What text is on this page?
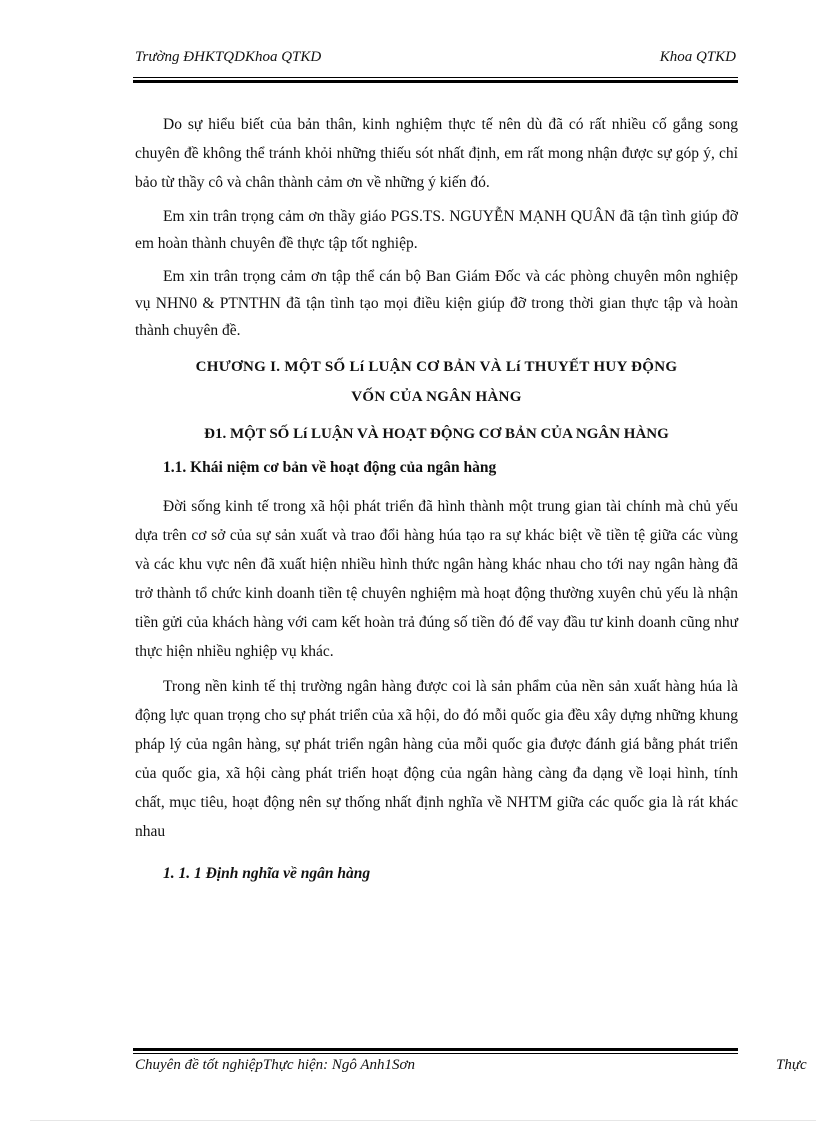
Trường ĐHKTQDKhoa QTKD	Khoa QTKD

Do sự hiểu biết của bản thân, kinh nghiệm thực tế nên dù đã có rất nhiều cố gắng song chuyên đề không thể tránh khỏi những thiếu sót nhất định, em rất mong nhận được sự góp ý, chỉ bảo từ thầy cô và chân thành cảm ơn về những ý kiến đó.

Em xin trân trọng cảm ơn thầy giáo PGS.TS. NGUYỄN MẠNH QUÂN đã tận tình giúp đỡ em hoàn thành chuyên đề thực tập tốt nghiệp.

Em xin trân trọng cảm ơn tập thể cán bộ Ban Giám Đốc và các phòng chuyên môn nghiệp vụ NHN0 & PTNTHN đã tận tình tạo mọi điều kiện giúp đỡ trong thời gian thực tập và hoàn thành chuyên đề.

CHƯƠNG I. MỘT SỐ Lí LUẬN CƠ BẢN VÀ Lí THUYẾT HUY ĐỘNG
VỐN CỦA NGÂN HÀNG
Đ1. MỘT SỐ Lí LUẬN VÀ HOẠT ĐỘNG CƠ BẢN CỦA NGÂN HÀNG
1.1. Khái niệm cơ bản về hoạt động của ngân hàng

Đời sống kinh tế trong xã hội phát triển đã hình thành một trung gian tài chính mà chủ yếu dựa trên cơ sở của sự sản xuất và trao đổi hàng húa tạo ra sự khác biệt về tiền tệ giữa các vùng và các khu vực nên đã xuất hiện nhiều hình thức ngân hàng khác nhau cho tới nay ngân hàng đã trở thành tổ chức kinh doanh tiền tệ chuyên nghiệm mà hoạt động thường xuyên chủ yếu là nhận tiền gửi của khách hàng với cam kết hoàn trả đúng số tiền đó để vay đầu tư kinh doanh cũng như thực hiện nhiều nghiệp vụ khác.

Trong nền kinh tế thị trường ngân hàng được coi là sản phẩm của nền sản xuất hàng húa là động lực quan trọng cho sự phát triển của xã hội, do đó mỗi quốc gia đều xây dựng những khung pháp lý của ngân hàng, sự phát triển ngân hàng của mỗi quốc gia được đánh giá bằng phát triển của quốc gia, xã hội càng phát triển hoạt động của ngân hàng càng đa dạng về loại hình, tính chất, mục tiêu, hoạt động nên sự thống nhất định nghĩa về NHTM giữa các quốc gia là rát khác nhau

1. 1. 1 Định nghĩa về ngân hàng
Chuyên đề tốt nghiệpThực hiện: Ngô Anh1Sơn	Thực
